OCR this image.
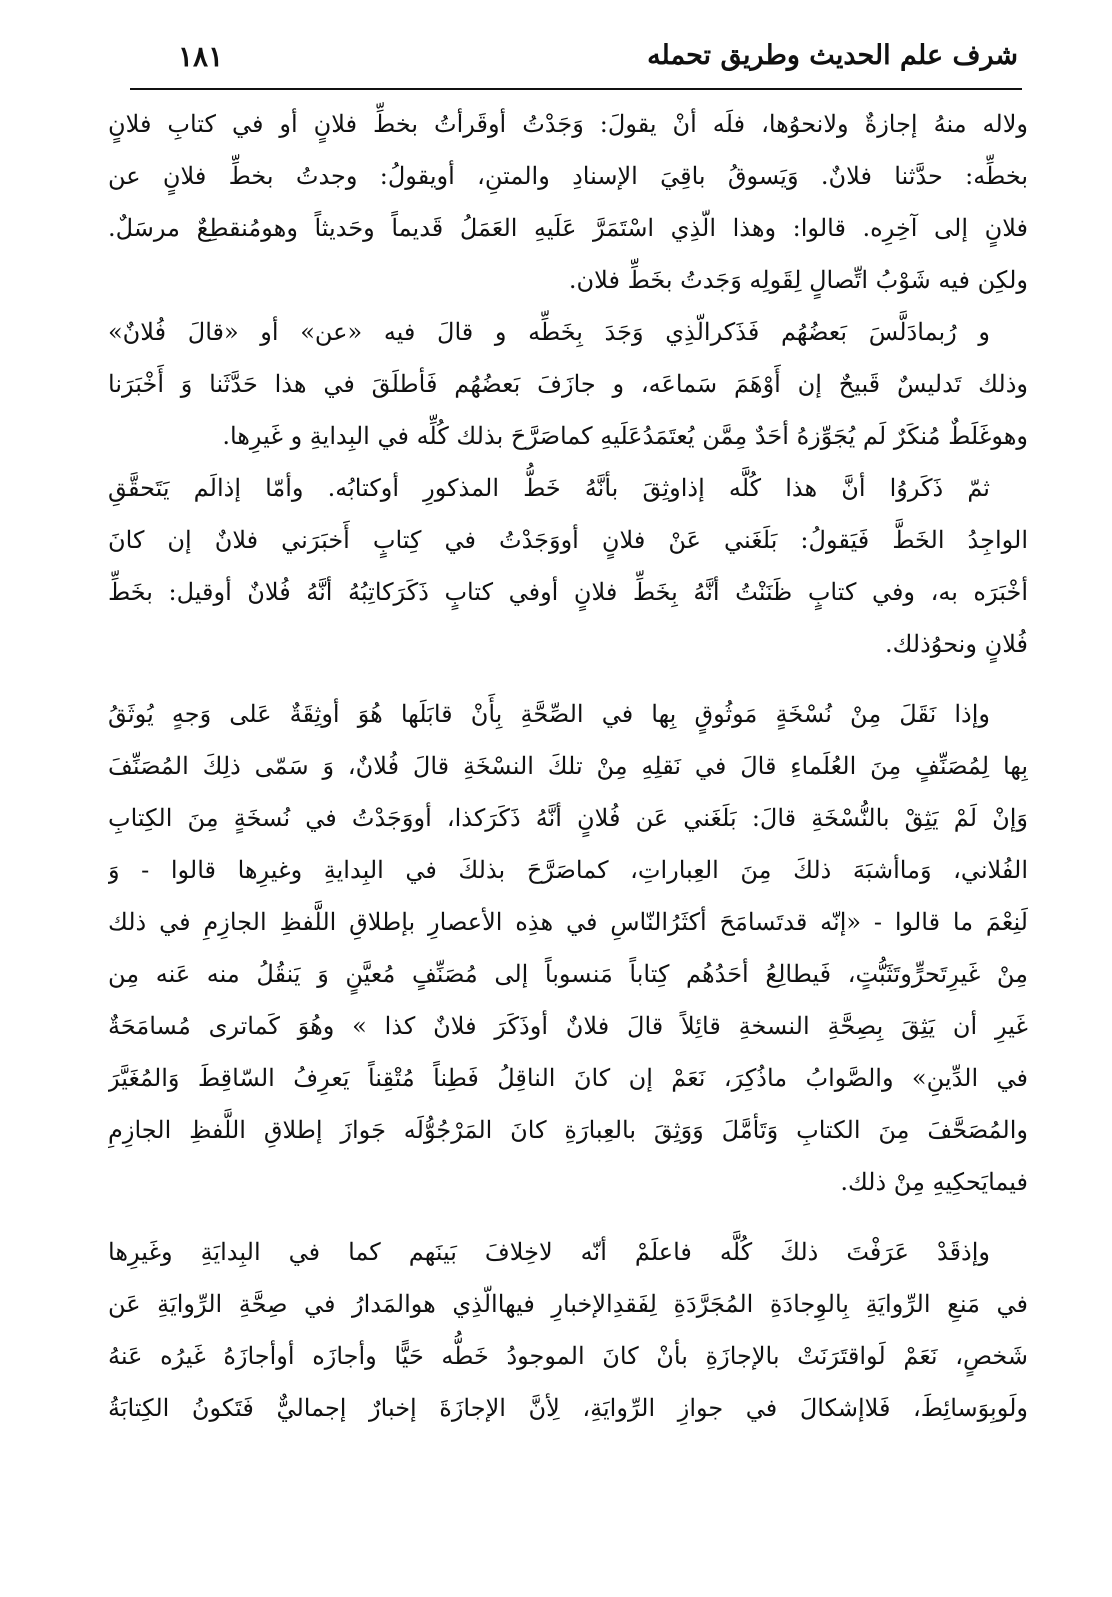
شرف علم الحديث وطريق تحمله
١٨١
ولاله منهُ إجازةٌ ولانحوُها، فلَه أنْ يقولَ: وَجَدْتُ أوقَرأتُ بخطِّ فلانٍ أو في كتابِ فلانٍ
بخطِّه: حدَّثنا فلانٌ. وَيَسوقُ باقِيَ الإسنادِ والمتنِ، أويقولُ: وجدتُ بخطِّ فلانٍ عن
فلانٍ إلى آخِرِه. قالوا: وهذا الّذِي اسْتَمَرَّ عَلَيهِ العَمَلُ قَديماً وحَديثاً وهومُنقطِعٌ مرسَلٌ.
ولكِن فيه شَوْبُ اتِّصالٍ لِقَولِه وَجَدتُ بخَطِّ فلان.
و رُبمادَلَّسَ بَعضُهُم فَذَكرالّذِي وَجَدَ بِخَطِّه و قالَ فيه «عن» أو «قالَ فُلانٌ»
وذلك تَدليسٌ قَبيحٌ إن أَوْهَمَ سَماعَه، و جازَفَ بَعضُهُم فَأطلَقَ في هذا حَدَّثَنا وَ أَخْبَرَنا
وهوغَلَطٌ مُنكَرٌ لَم يُجَوِّزهُ أحَدٌ مِمَّن يُعتَمَدُعَلَيهِ كماصَرَّحَ بذلك كُلِّه في البِدايةِ و غَيرِها.
ثمّ ذَكَروُا أنَّ هذا كُلَّه إذاوثِقَ بأنَّهُ خَطُّ المذكورِ أوكتابُه. وأمّا إذالَم يَتَحقَّقِ
الواجِدُ الخَطَّ فَيَقولُ: بَلَغَني عَنْ فلانٍ أووَجَدْتُ في كِتابٍ أَخبَرَني فلانٌ إن كانَ
أخْبَرَه به، وفي كتابٍ ظَنَنْتُ أنَّهُ بِخَطِّ فلانٍ أوفي كتابٍ ذَكَرَكاتِبُهُ أنَّهُ فُلانٌ أوقيل: بخَطِّ
فُلانٍ ونحوُذلك.
وإذا نَقَلَ مِنْ نُسْخَةٍ مَوثُوقٍ بِها في الصِّحَّةِ بِأَنْ قابَلَها هُوَ أوثِقَةٌ عَلى وَجهٍ يُوثَقُ
بِها لِمُصَنِّفٍ مِنَ العُلَماءِ قالَ في نَقلِهِ مِنْ تلكَ النسْخَةِ قالَ فُلانٌ، وَ سَمّى ذلِكَ المُصَنِّفَ
وَإنْ لَمْ يَثِقْ بالنُّسْخَةِ قالَ: بَلَغَني عَن فُلانٍ أنَّهُ ذَكَرَكذا، أووَجَدْتُ في نُسخَةٍ مِنَ الكِتابِ
الفُلاني، وَماأشبَهَ ذلكَ مِنَ العِباراتِ، كماصَرَّحَ بذلكَ في البِدايةِ وغيرِها قالوا - وَ
لَنِعْمَ ما قالوا - «إنّه قدتَسامَحَ أكثَرُالنّاسِ في هذِه الأعصارِ بإطلاقِ اللَّفظِ الجازِمِ في ذلك
مِنْ غَيرِتَحرٍّوتَثَبُّتٍ، فَيطالِعُ أحَدُهُم كِتاباً مَنسوباً إلى مُصَنِّفٍ مُعيَّنٍ وَ يَنقُلُ منه عَنه مِن
غَيرِ أن يَثِقَ بِصِحَّةِ النسخةِ قائِلاً قالَ فلانٌ أوذَكَرَ فلانٌ كذا » وهُوَ كَماترى مُسامَحَةٌ
في الدِّينِ» والصَّوابُ ماذُكِرَ، نَعَمْ إن كانَ الناقِلُ فَطِناً مُتْقِناً يَعرِفُ السّاقِطَ وَالمُغَيَّرَ
والمُصَحَّفَ مِنَ الكتابِ وَتَأمَّلَ وَوَثِقَ بالعِبارَةِ كانَ المَرْجُوُّلَه جَوازَ إطلاقِ اللَّفظِ الجازِمِ
فيمايَحكِيهِ مِنْ ذلك.
وإذقَدْ عَرَفْتَ ذلكَ كُلَّه فاعلَمْ أنّه لاخِلافَ بَينَهم كما في البِدايَةِ وغَيرِها
في مَنعِ الرِّوايَةِ بِالوِجادَةِ المُجَرَّدَةِ لِفَقدِالإخبارِ فيهاالّذِي هوالمَدارُ في صِحَّةِ الرِّوايَةِ عَن
شَخصٍ، نَعَمْ لَواقتَرَنَتْ بالإجازَةِ بأنْ كانَ الموجودُ خَطُّه حَيًّا وأجازَه أوأجازَهُ غَيرُه عَنهُ
ولَوبِوَسائِطَ، فَلاإشكالَ في جوازِ الرِّوايَةِ، لِأنَّ الإجازَةَ إخبارٌ إجماليٌّ فَتَكونُ الكِتابَةُ
